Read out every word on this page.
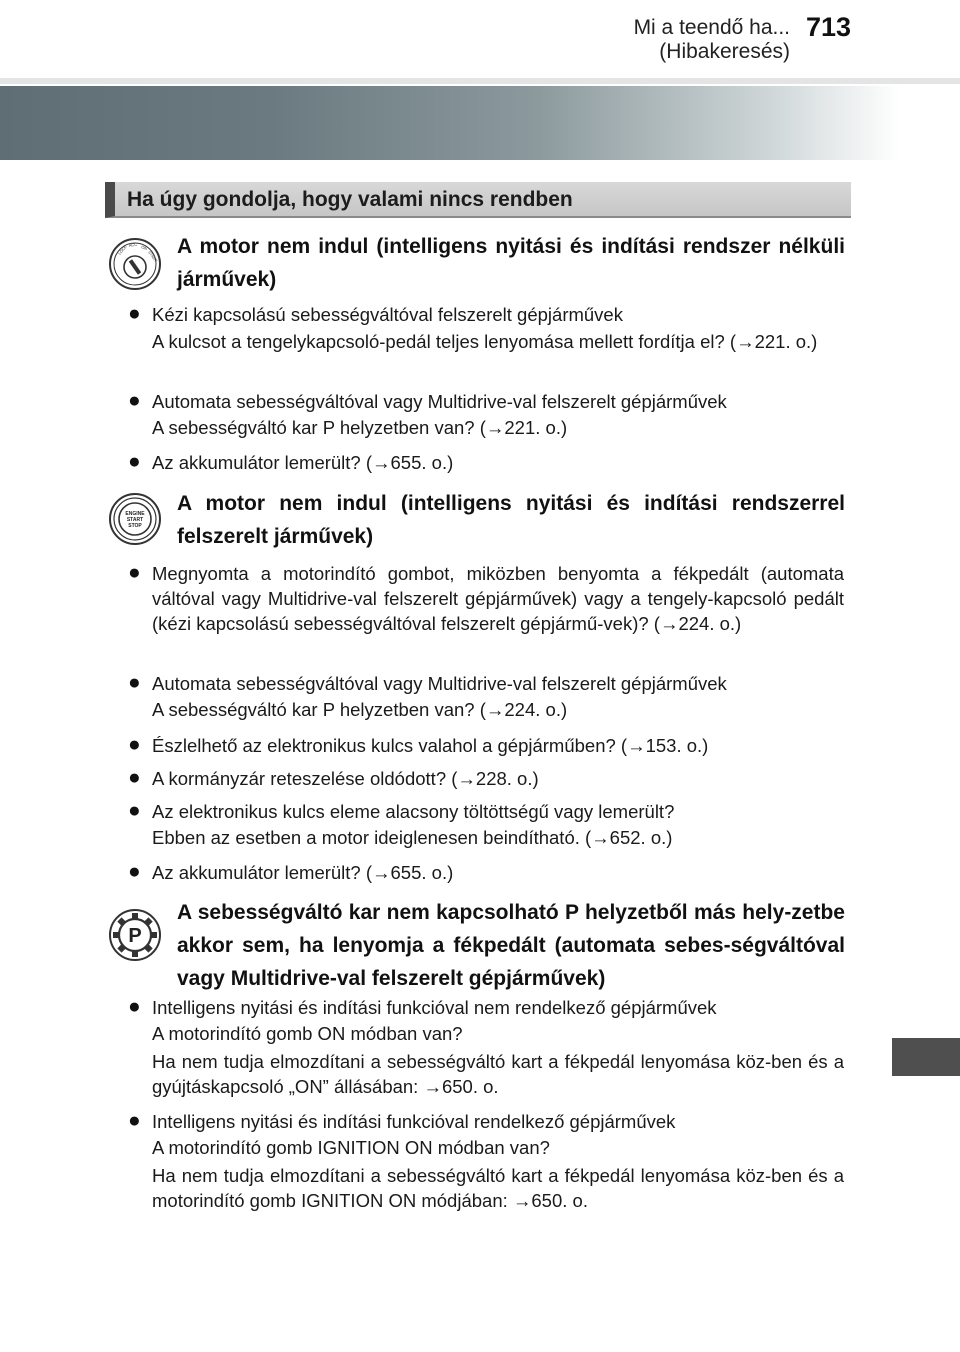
Mi a teendő ha... (Hibakeresés)
713
Ha úgy gondolja, hogy valami nincs rendben
LOCK ACC ON
START A motor nem indul (intelligens nyitási és indítási rendszer nélküli járművek)
● Kézi kapcsolású sebességváltóval felszerelt gépjárművek
A kulcsot a tengelykapcsoló-pedál teljes lenyomása mellett fordítja el? (→221. o.)
● Automata sebességváltóval vagy Multidrive-val felszerelt gépjárművek
A sebességváltó kar P helyzetben van? (→221. o.)
● Az akkumulátor lemerült? (→655. o.)
ENGINE
START
STOP
A motor nem indul (intelligens nyitási és indítási rendszerrel felszerelt járművek)
● Megnyomta a motorindító gombot, miközben benyomta a fékpedált (automata váltóval vagy Multidrive-val felszerelt gépjárművek) vagy a tengely-kapcsoló pedált (kézi kapcsolású sebességváltóval felszerelt gépjármű-vek)? (→224. o.)
● Automata sebességváltóval vagy Multidrive-val felszerelt gépjárművek
A sebességváltó kar P helyzetben van? (→224. o.)
● Észlelhető az elektronikus kulcs valahol a gépjárműben? (→153. o.)
● A kormányzár reteszelése oldódott? (→228. o.)
● Az elektronikus kulcs eleme alacsony töltöttségű vagy lemerült?
Ebben az esetben a motor ideiglenesen beindítható. (→652. o.)
● Az akkumulátor lemerült? (→655. o.)
P
A sebességváltó kar nem kapcsolható P helyzetből más hely-zetbe akkor sem, ha lenyomja a fékpedált (automata sebes-ségváltóval vagy Multidrive-val felszerelt gépjárművek)
● Intelligens nyitási és indítási funkcióval nem rendelkező gépjárművek
A motorindító gomb ON módban van?
Ha nem tudja elmozdítani a sebességváltó kart a fékpedál lenyomása köz-ben és a gyújtáskapcsoló „ON” állásában: →650. o.
● Intelligens nyitási és indítási funkcióval rendelkező gépjárművek
A motorindító gomb IGNITION ON módban van?
Ha nem tudja elmozdítani a sebességváltó kart a fékpedál lenyomása köz-ben és a motorindító gomb IGNITION ON módjában: →650. o.
